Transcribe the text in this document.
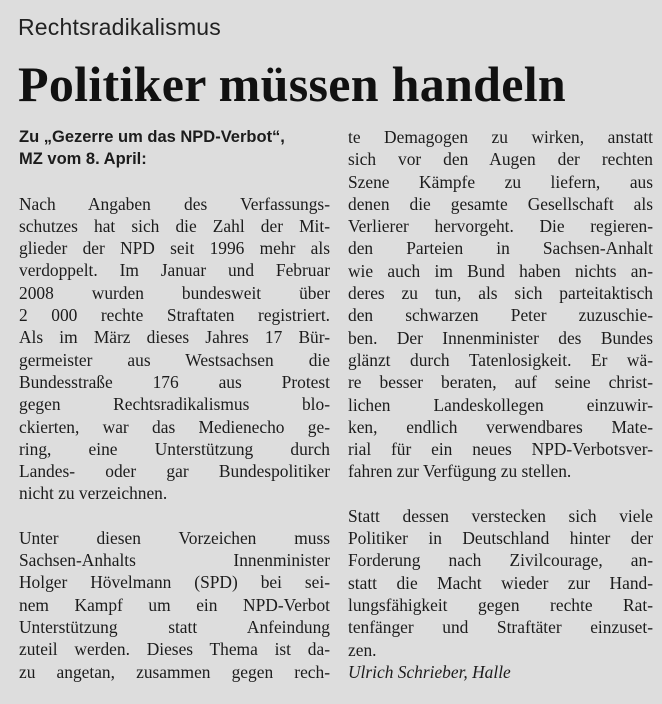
Rechtsradikalismus
Politiker müssen handeln
Zu „Gezerre um das NPD-Verbot“,
MZ vom 8. April:

Nach Angaben des Verfassungs-
schutzes hat sich die Zahl der Mit-
glieder der NPD seit 1996 mehr als
verdoppelt. Im Januar und Februar
2008 wurden bundesweit über
2 000 rechte Straftaten registriert.
Als im März dieses Jahres 17 Bür-
germeister aus Westsachsen die
Bundesstraße 176 aus Protest
gegen Rechtsradikalismus blo-
ckierten, war das Medienecho ge-
ring, eine Unterstützung durch
Landes- oder gar Bundespolitiker
nicht zu verzeichnen.

Unter diesen Vorzeichen muss
Sachsen-Anhalts Innenminister
Holger Hövelmann (SPD) bei sei-
nem Kampf um ein NPD-Verbot
Unterstützung statt Anfeindung
zuteil werden. Dieses Thema ist da-
zu angetan, zusammen gegen rech-

te Demagogen zu wirken, anstatt
sich vor den Augen der rechten
Szene Kämpfe zu liefern, aus
denen die gesamte Gesellschaft als
Verlierer hervorgeht. Die regieren-
den Parteien in Sachsen-Anhalt
wie auch im Bund haben nichts an-
deres zu tun, als sich parteitaktisch
den schwarzen Peter zuzuschie-
ben. Der Innenminister des Bundes
glänzt durch Tatenlosigkeit. Er wä-
re besser beraten, auf seine christ-
lichen Landeskollegen einzuwir-
ken, endlich verwendbares Mate-
rial für ein neues NPD-Verbotsver-
fahren zur Verfügung zu stellen.

Statt dessen verstecken sich viele
Politiker in Deutschland hinter der
Forderung nach Zivilcourage, an-
statt die Macht wieder zur Hand-
lungsfähigkeit gegen rechte Rat-
tenfänger und Straftäter einzuset-
zen.

Ulrich Schrieber, Halle
